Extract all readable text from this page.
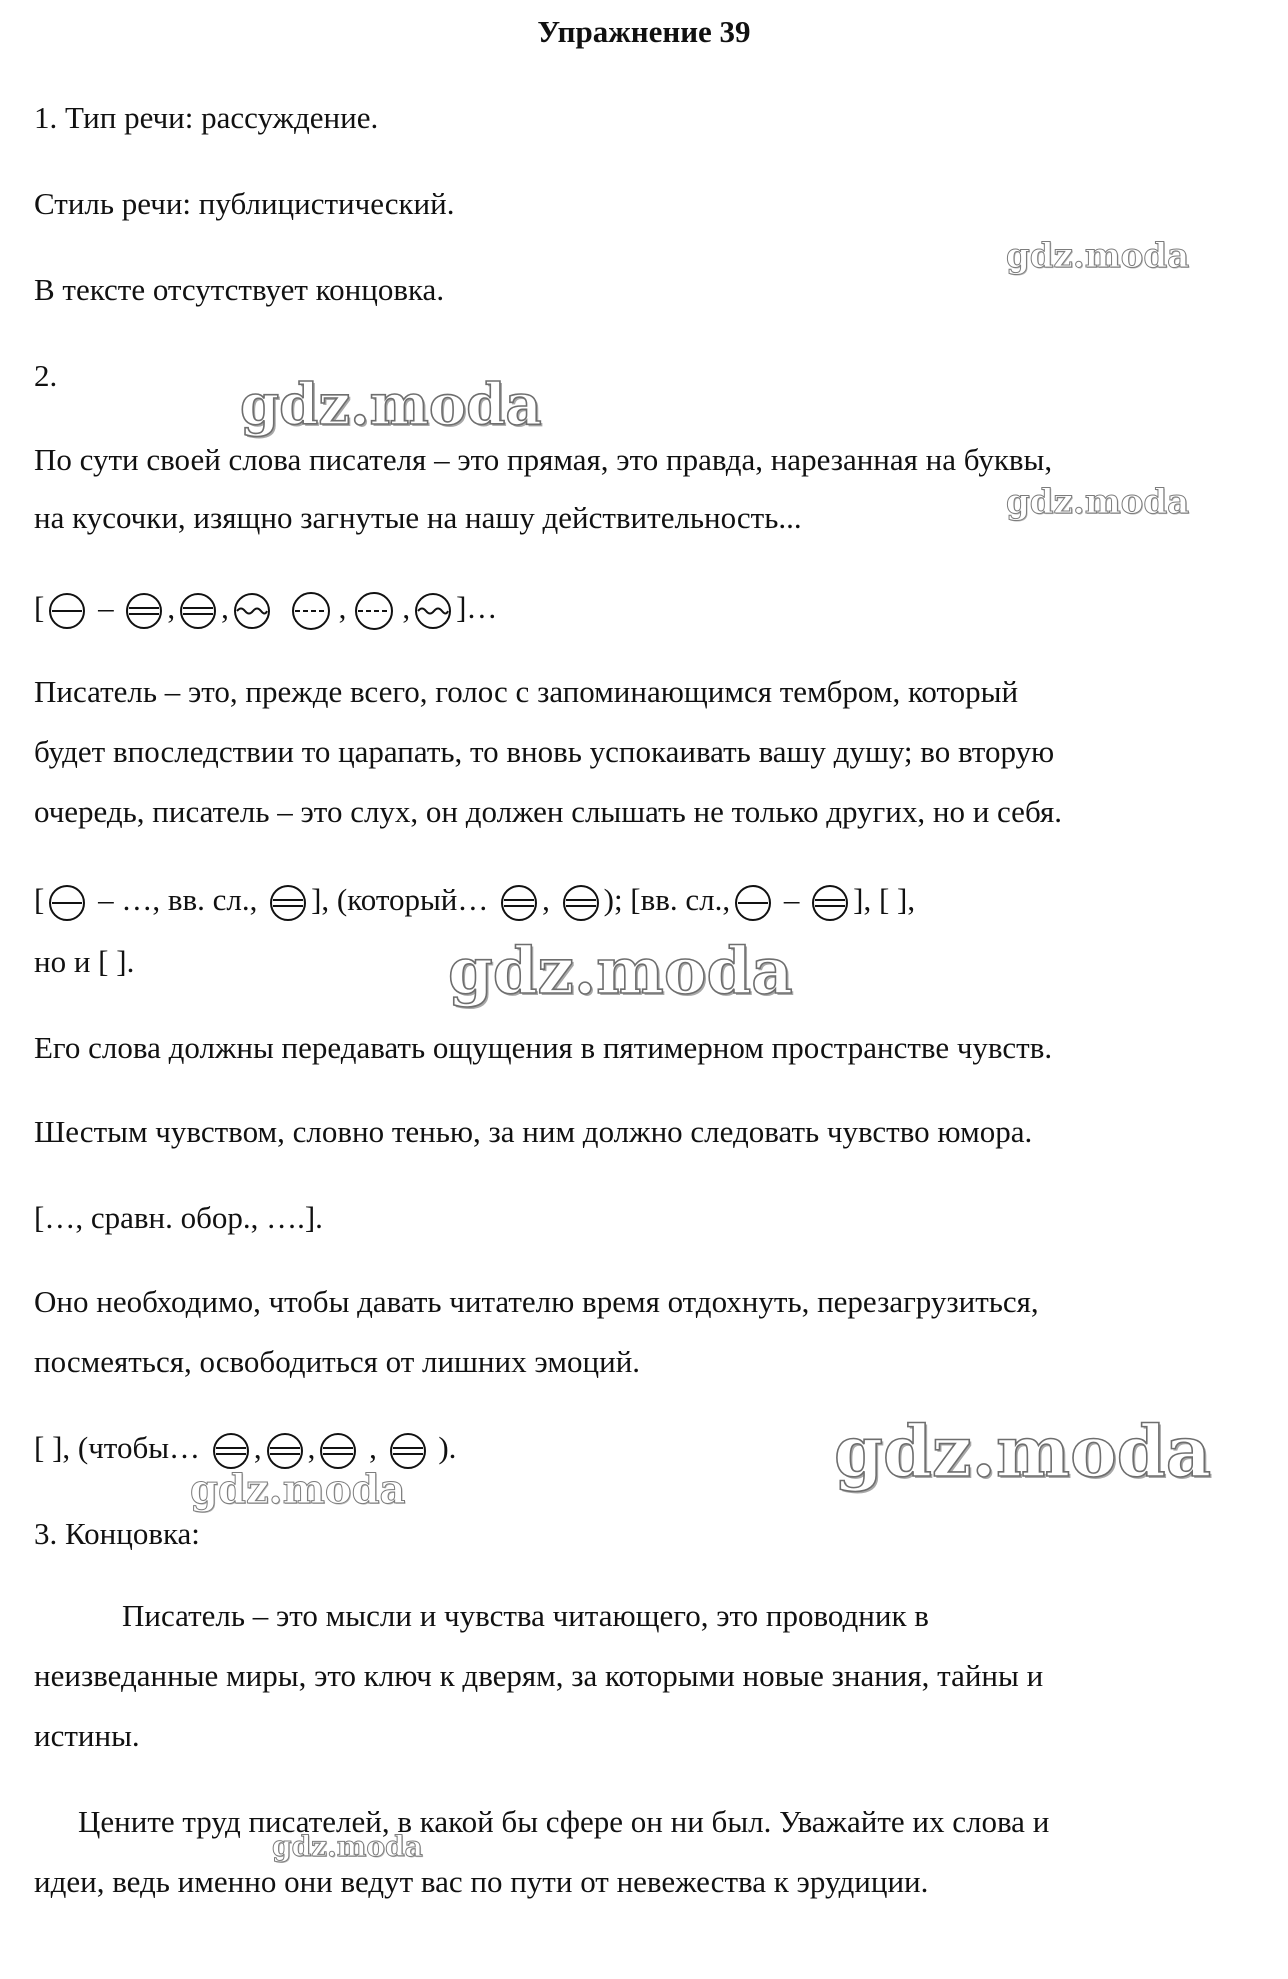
Упражнение 39
1. Тип речи: рассуждение.
Стиль речи: публицистический.
В тексте отсутствует концовка.
2.
По сути своей слова писателя – это прямая, это правда, нарезанная на буквы,
на кусочки, изящно загнутые на нашу действительность...
[ – , ,	, , ]…
Писатель – это, прежде всего, голос с запоминающимся тембром, который
будет впоследствии то царапать, то вновь успокаивать вашу душу; во вторую
очередь, писатель – это слух, он должен слышать не только других, но и себя.
[ – …, вв. сл., ], (который… , ); [вв. сл., – ], [ ],
но и [ ].
Его слова должны передавать ощущения в пятимерном пространстве чувств.
Шестым чувством, словно тенью, за ним должно следовать чувство юмора.
[…, сравн. обор., ….].
Оно необходимо, чтобы давать читателю время отдохнуть, перезагрузиться,
посмеяться, освободиться от лишних эмоций.
[ ], (чтобы… , , , ).
3. Концовка:
Писатель – это мысли и чувства читающего, это проводник в
неизведанные миры, это ключ к дверям, за которыми новые знания, тайны и
истины.
Цените труд писателей, в какой бы сфере он ни был. Уважайте их слова и
идеи, ведь именно они ведут вас по пути от невежества к эрудиции.
gdz.moda
gdz.moda
gdz.moda
gdz.moda
gdz.moda
gdz.moda
gdz.moda
